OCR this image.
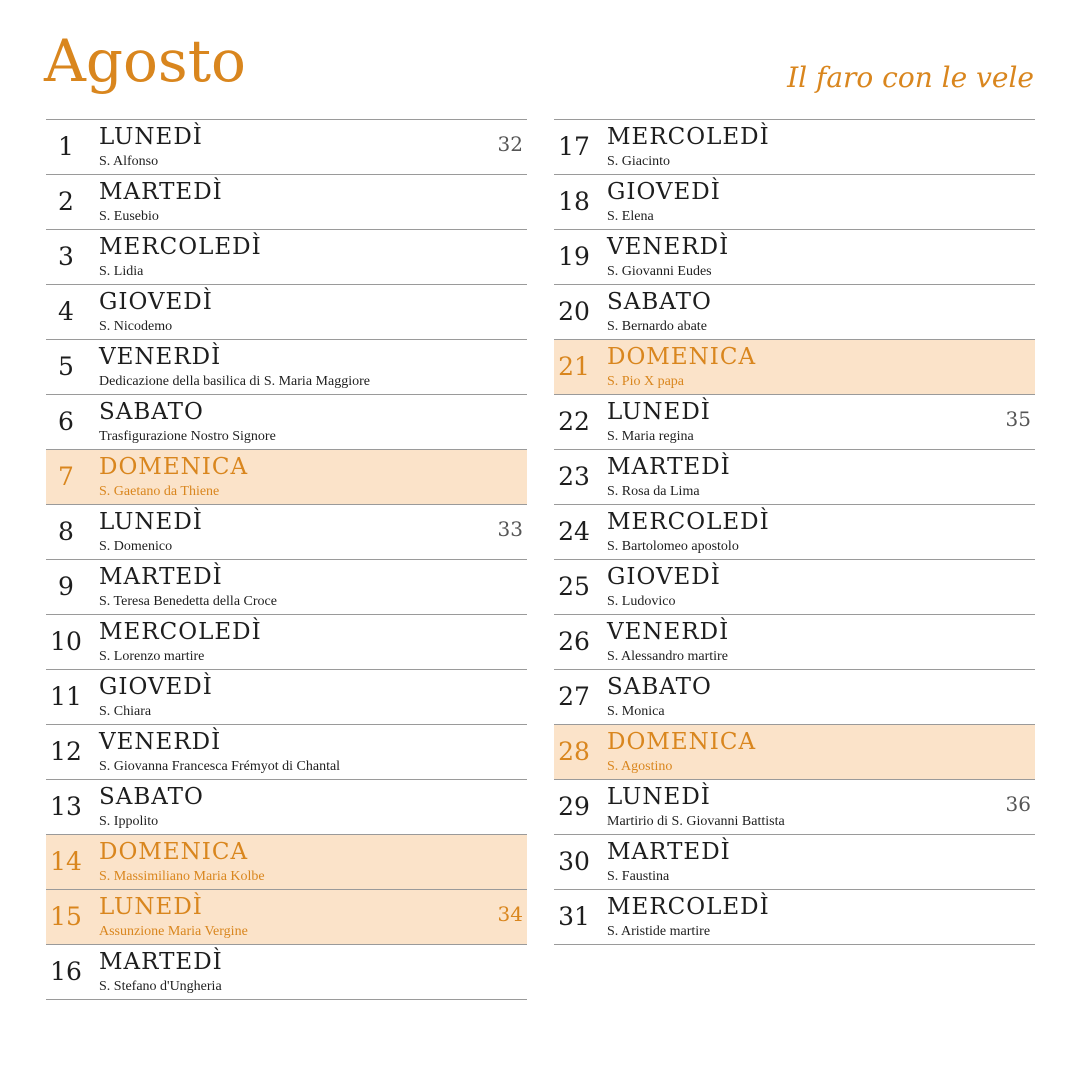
Agosto	Il faro con le vele
1	LUNEDÌ
S. Alfonso
32
2	MARTEDÌ
S. Eusebio
3	MERCOLEDÌ
S. Lidia
4	GIOVEDÌ
S. Nicodemo
5	VENERDÌ
Dedicazione della basilica di S. Maria Maggiore
6	SABATO
Trasfigurazione Nostro Signore
7	DOMENICA
S. Gaetano da Thiene
8	LUNEDÌ
S. Domenico
33
9	MARTEDÌ
S. Teresa Benedetta della Croce
10 MERCOLEDÌ
S. Lorenzo martire
11 GIOVEDÌ
S. Chiara
12 VENERDÌ
S. Giovanna Francesca Frémyot di Chantal
13 SABATO
S. Ippolito
14 DOMENICA
S. Massimiliano Maria Kolbe
15 LUNEDÌ
Assunzione Maria Vergine
34
16 MARTEDÌ
S. Stefano d'Ungheria
17 MERCOLEDÌ
S. Giacinto
18 GIOVEDÌ
S. Elena
19 VENERDÌ
S. Giovanni Eudes
20 SABATO
S. Bernardo abate
21 DOMENICA
S. Pio X papa
22 LUNEDÌ
S. Maria regina
35
23 MARTEDÌ
S. Rosa da Lima
24 MERCOLEDÌ
S. Bartolomeo apostolo
25 GIOVEDÌ
S. Ludovico
26 VENERDÌ
S. Alessandro martire
27 SABATO
S. Monica
28 DOMENICA
S. Agostino
29 LUNEDÌ
Martirio di S. Giovanni Battista
36
30 MARTEDÌ
S. Faustina
31 MERCOLEDÌ
S. Aristide martire
